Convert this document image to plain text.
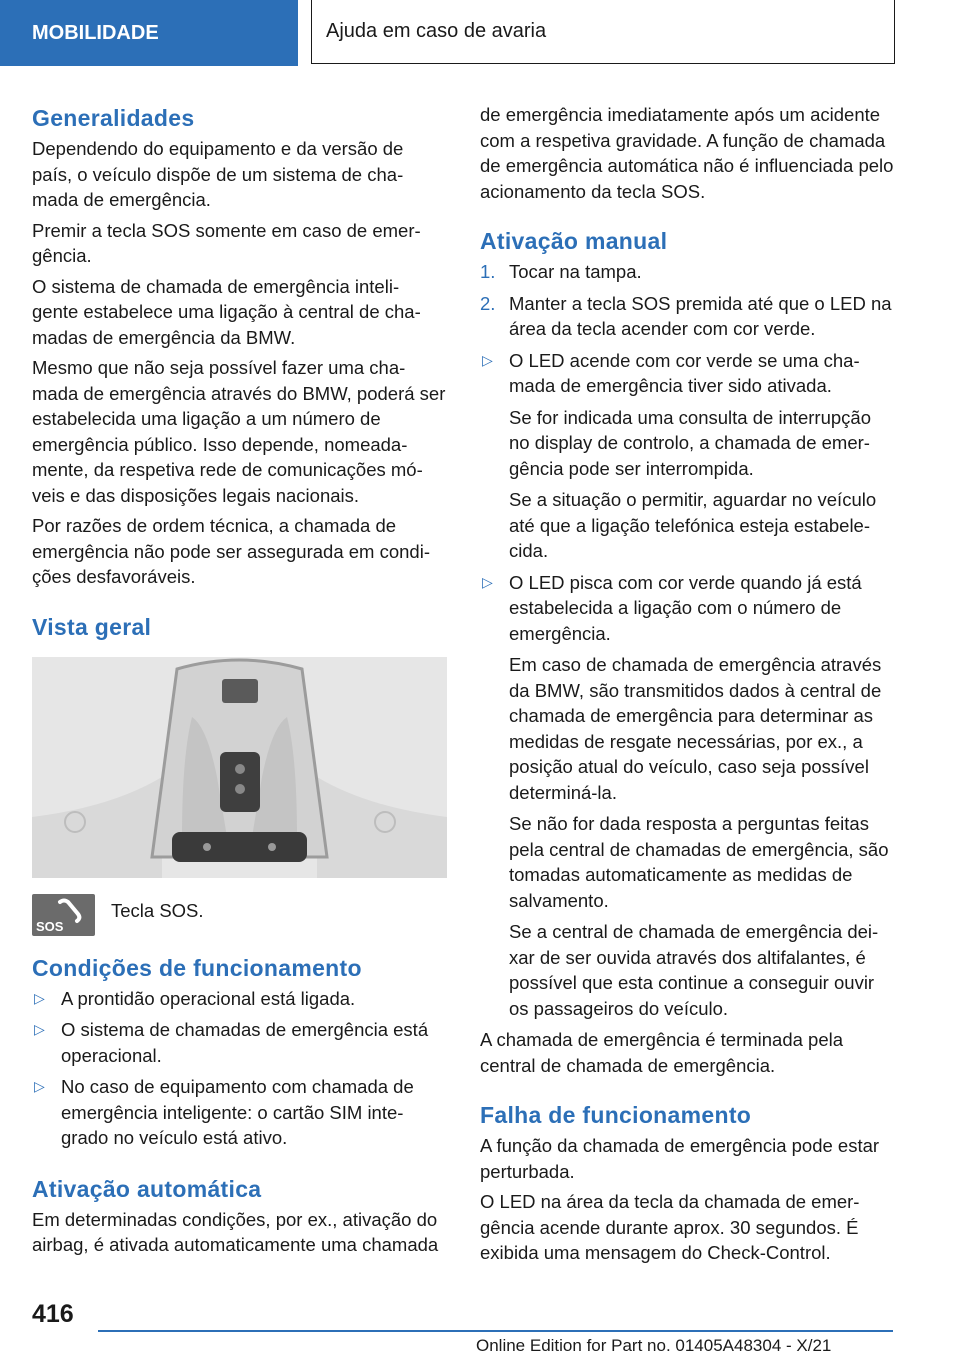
MOBILIDADE	Ajuda em caso de avaria
Generalidades

Dependendo do equipamento e da versão de país, o veículo dispõe de um sistema de cha- mada de emergência.

Premir a tecla SOS somente em caso de emer- gência.

O sistema de chamada de emergência inteli- gente estabelece uma ligação à central de cha- madas de emergência da BMW.

Mesmo que não seja possível fazer uma cha- mada de emergência através do BMW, poderá ser estabelecida uma ligação a um número de emergência público. Isso depende, nomeada- mente, da respetiva rede de comunicações mó- veis e das disposições legais nacionais.

Por razões de ordem técnica, a chamada de emergência não pode ser assegurada em condi- ções desfavoráveis.

Vista geral
SOS

Tecla SOS.

Condições de funcionamento
▷ A prontidão operacional está ligada.
▷ O sistema de chamadas de emergência está operacional.
▷ No caso de equipamento com chamada de emergência inteligente: o cartão SIM inte- grado no veículo está ativo.
Ativação automática

Em determinadas condições, por ex., ativação do airbag, é ativada automaticamente uma chamada

de emergência imediatamente após um acidente com a respetiva gravidade. A função de chamada de emergência automática não é influenciada pelo acionamento da tecla SOS.

Ativação manual
1. Tocar na tampa.
2. Manter a tecla SOS premida até que o LED na área da tecla acender com cor verde.
▷ O LED acende com cor verde se uma cha- mada de emergência tiver sido ativada.
Se for indicada uma consulta de interrupção no display de controlo, a chamada de emer- gência pode ser interrompida.
Se a situação o permitir, aguardar no veículo até que a ligação telefónica esteja estabele- cida.
▷ O LED pisca com cor verde quando já está estabelecida a ligação com o número de emergência.
Em caso de chamada de emergência através da BMW, são transmitidos dados à central de chamada de emergência para determinar as medidas de resgate necessárias, por ex., a posição atual do veículo, caso seja possível determiná-la.
Se não for dada resposta a perguntas feitas pela central de chamadas de emergência, são tomadas automaticamente as medidas de salvamento.
Se a central de chamada de emergência dei- xar de ser ouvida através dos altifalantes, é possível que esta continue a conseguir ouvir os passageiros do veículo.

A chamada de emergência é terminada pela central de chamada de emergência.

Falha de funcionamento

A função da chamada de emergência pode estar perturbada.

O LED na área da tecla da chamada de emer- gência acende durante aprox. 30 segundos. É exibida uma mensagem do Check-Control.

416
Online Edition for Part no. 01405A48304 - X/21
